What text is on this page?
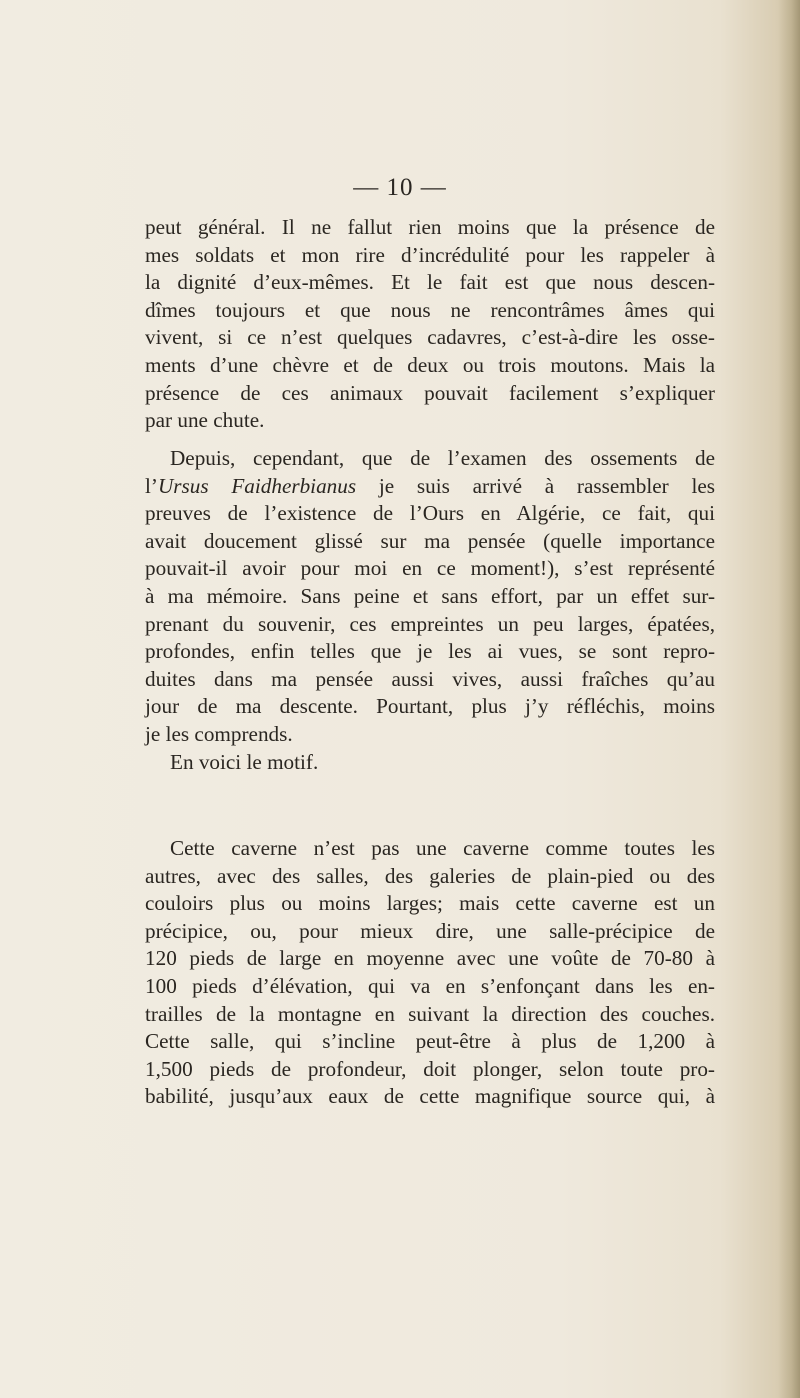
— 10 —

peut général. Il ne fallut rien moins que la présence de

mes soldats et mon rire d’incrédulité pour les rappeler à

la dignité d’eux-mêmes. Et le fait est que nous descen-

dîmes toujours et que nous ne rencontrâmes âmes qui

vivent, si ce n’est quelques cadavres, c’est-à-dire les osse-

ments d’une chèvre et de deux ou trois moutons. Mais la

présence de ces animaux pouvait facilement s’expliquer

par une chute.

Depuis, cependant, que de l’examen des ossements de

l’Ursus Faidherbianus je suis arrivé à rassembler les

preuves de l’existence de l’Ours en Algérie, ce fait, qui

avait doucement glissé sur ma pensée (quelle importance

pouvait-il avoir pour moi en ce moment!), s’est représenté

à ma mémoire. Sans peine et sans effort, par un effet sur-

prenant du souvenir, ces empreintes un peu larges, épatées,

profondes, enfin telles que je les ai vues, se sont repro-

duites dans ma pensée aussi vives, aussi fraîches qu’au

jour de ma descente. Pourtant, plus j’y réfléchis, moins

je les comprends.

En voici le motif.

Cette caverne n’est pas une caverne comme toutes les

autres, avec des salles, des galeries de plain-pied ou des

couloirs plus ou moins larges; mais cette caverne est un

précipice, ou, pour mieux dire, une salle-précipice de

120 pieds de large en moyenne avec une voûte de 70-80 à

100 pieds d’élévation, qui va en s’enfonçant dans les en-

trailles de la montagne en suivant la direction des couches.

Cette salle, qui s’incline peut-être à plus de 1,200 à

1,500 pieds de profondeur, doit plonger, selon toute pro-

babilité, jusqu’aux eaux de cette magnifique source qui, à
